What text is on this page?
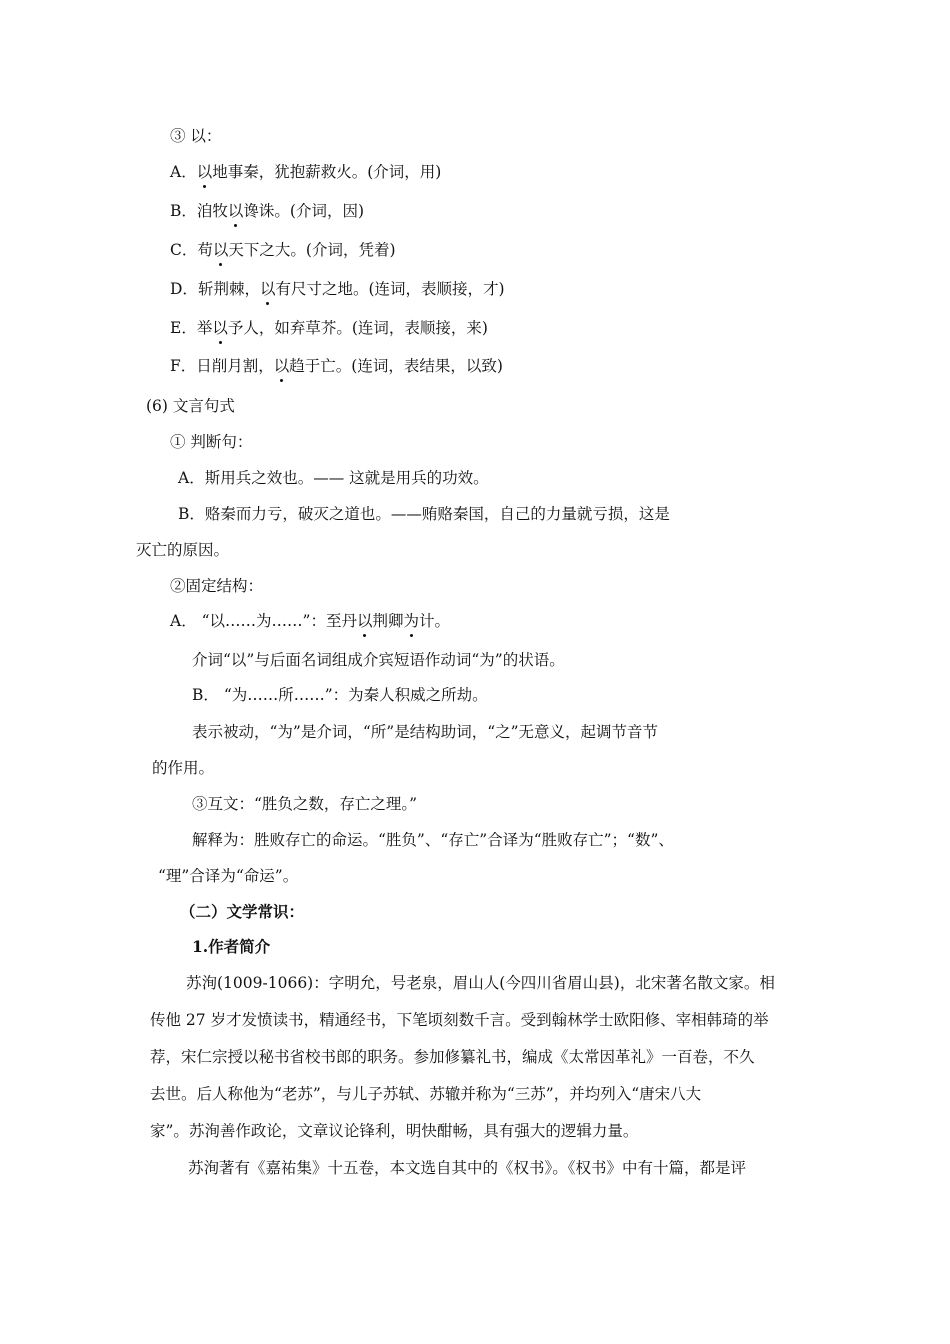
③ 以：
A．以地事秦，犹抱薪救火。(介词，用)
B．洎牧以谗诛。(介词，因)
C．苟以天下之大。(介词，凭着)
D．斩荆棘，以有尺寸之地。(连词，表顺接，才)
E．举以予人，如弃草芥。(连词，表顺接，来)
F．日削月割，以趋于亡。(连词，表结果，以致)
(6) 文言句式
① 判断句：
A．斯用兵之效也。—— 这就是用兵的功效。
B．赂秦而力亏，破灭之道也。——贿赂秦国，自己的力量就亏损，这是
灭亡的原因。
②固定结构：
A． “以……为……”：至丹以荆卿为计。
介词“以”与后面名词组成介宾短语作动词“为”的状语。
B． “为……所……”：为秦人积威之所劫。
表示被动，“为”是介词，“所”是结构助词，“之”无意义，起调节音节
的作用。
③互文：“胜负之数，存亡之理。”
解释为：胜败存亡的命运。“胜负”、“存亡”合译为“胜败存亡”；“数”、
“理”合译为“命运”。
（二）文学常识：
1.作者简介
苏洵(1009-1066)：字明允，号老泉，眉山人(今四川省眉山县)，北宋著名散文家。相
传他 27 岁才发愤读书，精通经书，下笔顷刻数千言。受到翰林学士欧阳修、宰相韩琦的举
荐，宋仁宗授以秘书省校书郎的职务。参加修纂礼书，编成《太常因革礼》一百卷，不久
去世。后人称他为“老苏”，与儿子苏轼、苏辙并称为“三苏”，并均列入“唐宋八大
家”。苏洵善作政论，文章议论锋利，明快酣畅，具有强大的逻辑力量。
苏洵著有《嘉祐集》十五卷，本文选自其中的《权书》。《权书》中有十篇，都是评
